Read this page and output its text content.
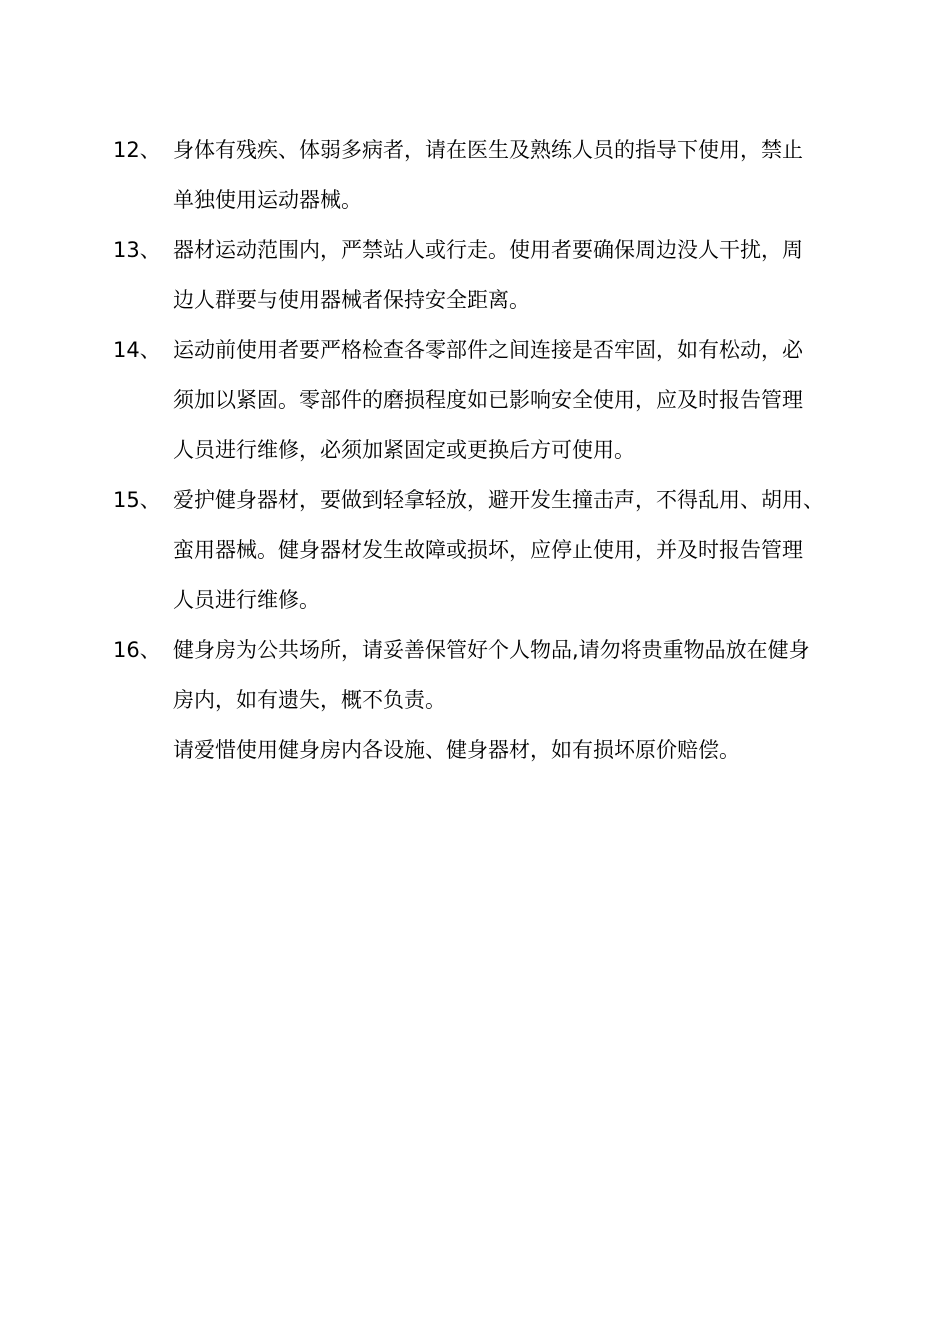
12、 身体有残疾、体弱多病者，请在医生及熟练人员的指导下使用，禁止
单独使用运动器械。
13、 器材运动范围内，严禁站人或行走。使用者要确保周边没人干扰，周
边人群要与使用器械者保持安全距离。
14、 运动前使用者要严格检查各零部件之间连接是否牢固，如有松动，必
须加以紧固。零部件的磨损程度如已影响安全使用，应及时报告管理
人员进行维修，必须加紧固定或更换后方可使用。
15、 爱护健身器材，要做到轻拿轻放，避开发生撞击声，不得乱用、胡用、
蛮用器械。健身器材发生故障或损坏，应停止使用，并及时报告管理
人员进行维修。
16、 健身房为公共场所，请妥善保管好个人物品,请勿将贵重物品放在健身
房内，如有遗失，概不负责。
请爱惜使用健身房内各设施、健身器材，如有损坏原价赔偿。
